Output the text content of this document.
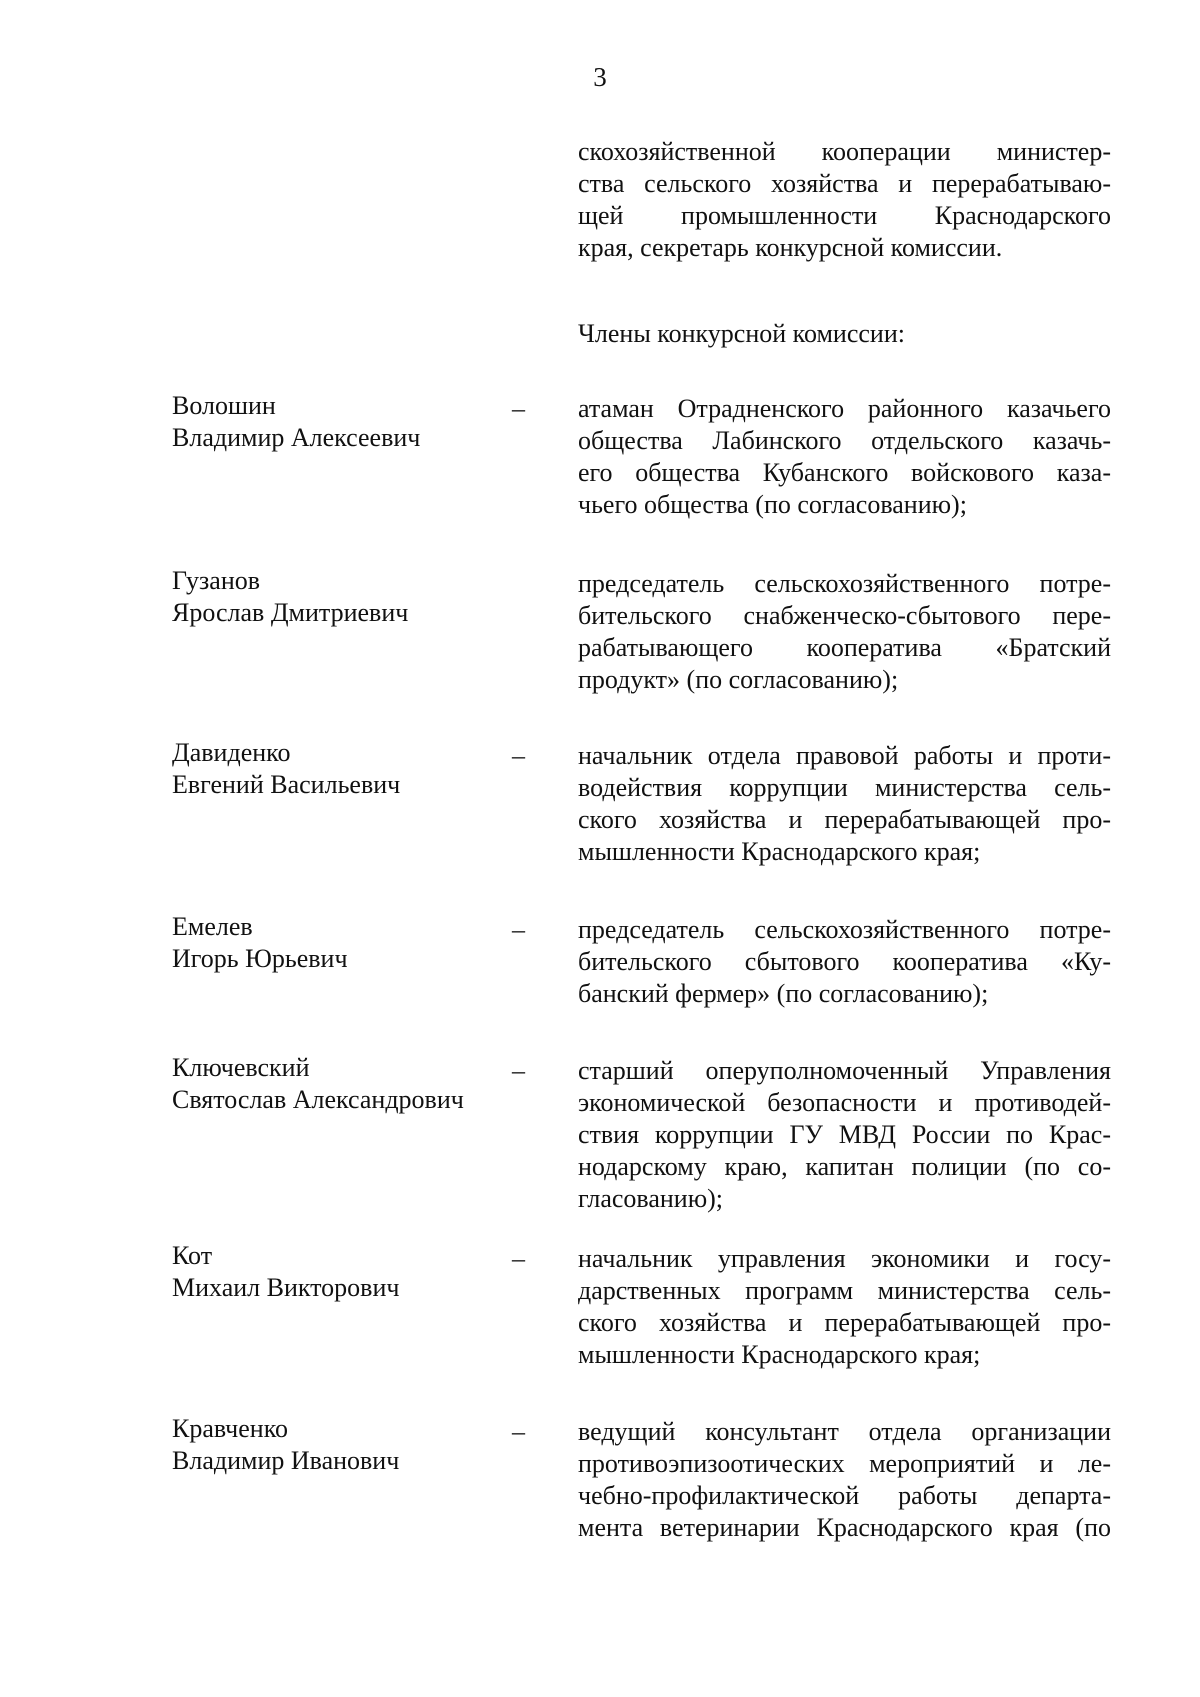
3
скохозяйственной кооперации министер-
ства сельского хозяйства и перерабатываю-
щей промышленности Краснодарского
края, секретарь конкурсной комиссии.
Члены конкурсной комиссии:
Волошин
Владимир Алексеевич
– атаман Отрадненского районного казачьего
общества Лабинского отдельского казачь-
его общества Кубанского войскового каза-
чьего общества (по согласованию);
Гузанов
Ярослав Дмитриевич
председатель сельскохозяйственного потре-
бительского снабженческо-сбытового пере-
рабатывающего кооператива «Братский
продукт» (по согласованию);
Давиденко
Евгений Васильевич
– начальник отдела правовой работы и проти-
водействия коррупции министерства сель-
ского хозяйства и перерабатывающей про-
мышленности Краснодарского края;
Емелев
Игорь Юрьевич
– председатель сельскохозяйственного потре-
бительского сбытового кооператива «Ку-
банский фермер» (по согласованию);
Ключевский
Святослав Александрович
– старший оперуполномоченный Управления
экономической безопасности и противодей-
ствия коррупции ГУ МВД России по Крас-
нодарскому краю, капитан полиции (по со-
гласованию);
Кот
Михаил Викторович
– начальник управления экономики и госу-
дарственных программ министерства сель-
ского хозяйства и перерабатывающей про-
мышленности Краснодарского края;
Кравченко
Владимир Иванович
– ведущий консультант отдела организации
противоэпизоотических мероприятий и ле-
чебно-профилактической работы департа-
мента ветеринарии Краснодарского края (по
